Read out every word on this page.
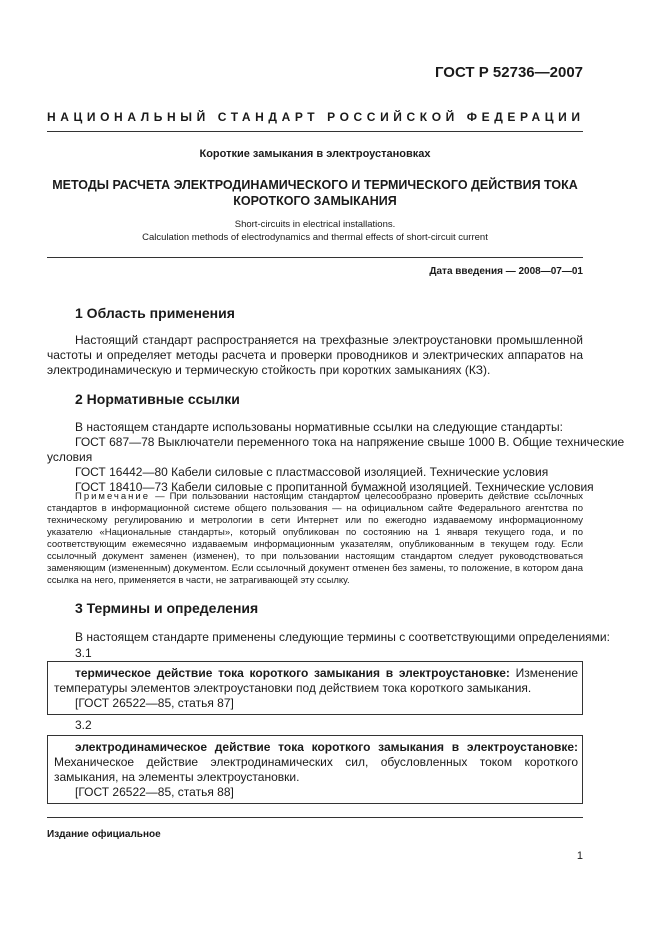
ГОСТ Р 52736—2007
НАЦИОНАЛЬНЫЙ СТАНДАРТ РОССИЙСКОЙ ФЕДЕРАЦИИ
Короткие замыкания в электроустановках
МЕТОДЫ РАСЧЕТА ЭЛЕКТРОДИНАМИЧЕСКОГО И ТЕРМИЧЕСКОГО ДЕЙСТВИЯ ТОКА
КОРОТКОГО ЗАМЫКАНИЯ
Short-circuits in electrical installations.
Calculation methods of electrodynamics and thermal effects of short-circuit current
Дата введения — 2008—07—01
1 Область применения
Настоящий стандарт распространяется на трехфазные электроустановки промышленной частоты и определяет методы расчета и проверки проводников и электрических аппаратов на электродинамическую и термическую стойкость при коротких замыканиях (КЗ).
2 Нормативные ссылки
В настоящем стандарте использованы нормативные ссылки на следующие стандарты:
ГОСТ 687—78 Выключатели переменного тока на напряжение свыше 1000 В. Общие технические
условия
ГОСТ 16442—80 Кабели силовые с пластмассовой изоляцией. Технические условия
ГОСТ 18410—73 Кабели силовые с пропитанной бумажной изоляцией. Технические условия
Примечание — При пользовании настоящим стандартом целесообразно проверить действие ссылочных стандартов в информационной системе общего пользования — на официальном сайте Федерального агентства по техническому регулированию и метрологии в сети Интернет или по ежегодно издаваемому информационному указателю «Национальные стандарты», который опубликован по состоянию на 1 января текущего года, и по соответствующим ежемесячно издаваемым информационным указателям, опубликованным в текущем году. Если ссылочный документ заменен (изменен), то при пользовании настоящим стандартом следует руководствоваться заменяющим (измененным) документом. Если ссылочный документ отменен без замены, то положение, в котором дана ссылка на него, применяется в части, не затрагивающей эту ссылку.
3 Термины и определения
В настоящем стандарте применены следующие термины с соответствующими определениями:
3.1
термическое действие тока короткого замыкания в электроустановке: Изменение температуры элементов электроустановки под действием тока короткого замыкания.
[ГОСТ 26522—85, статья 87]
3.2
электродинамическое действие тока короткого замыкания в электроустановке: Механическое действие электродинамических сил, обусловленных током короткого замыкания, на элементы электроустановки.
[ГОСТ 26522—85, статья 88]
Издание официальное
1
